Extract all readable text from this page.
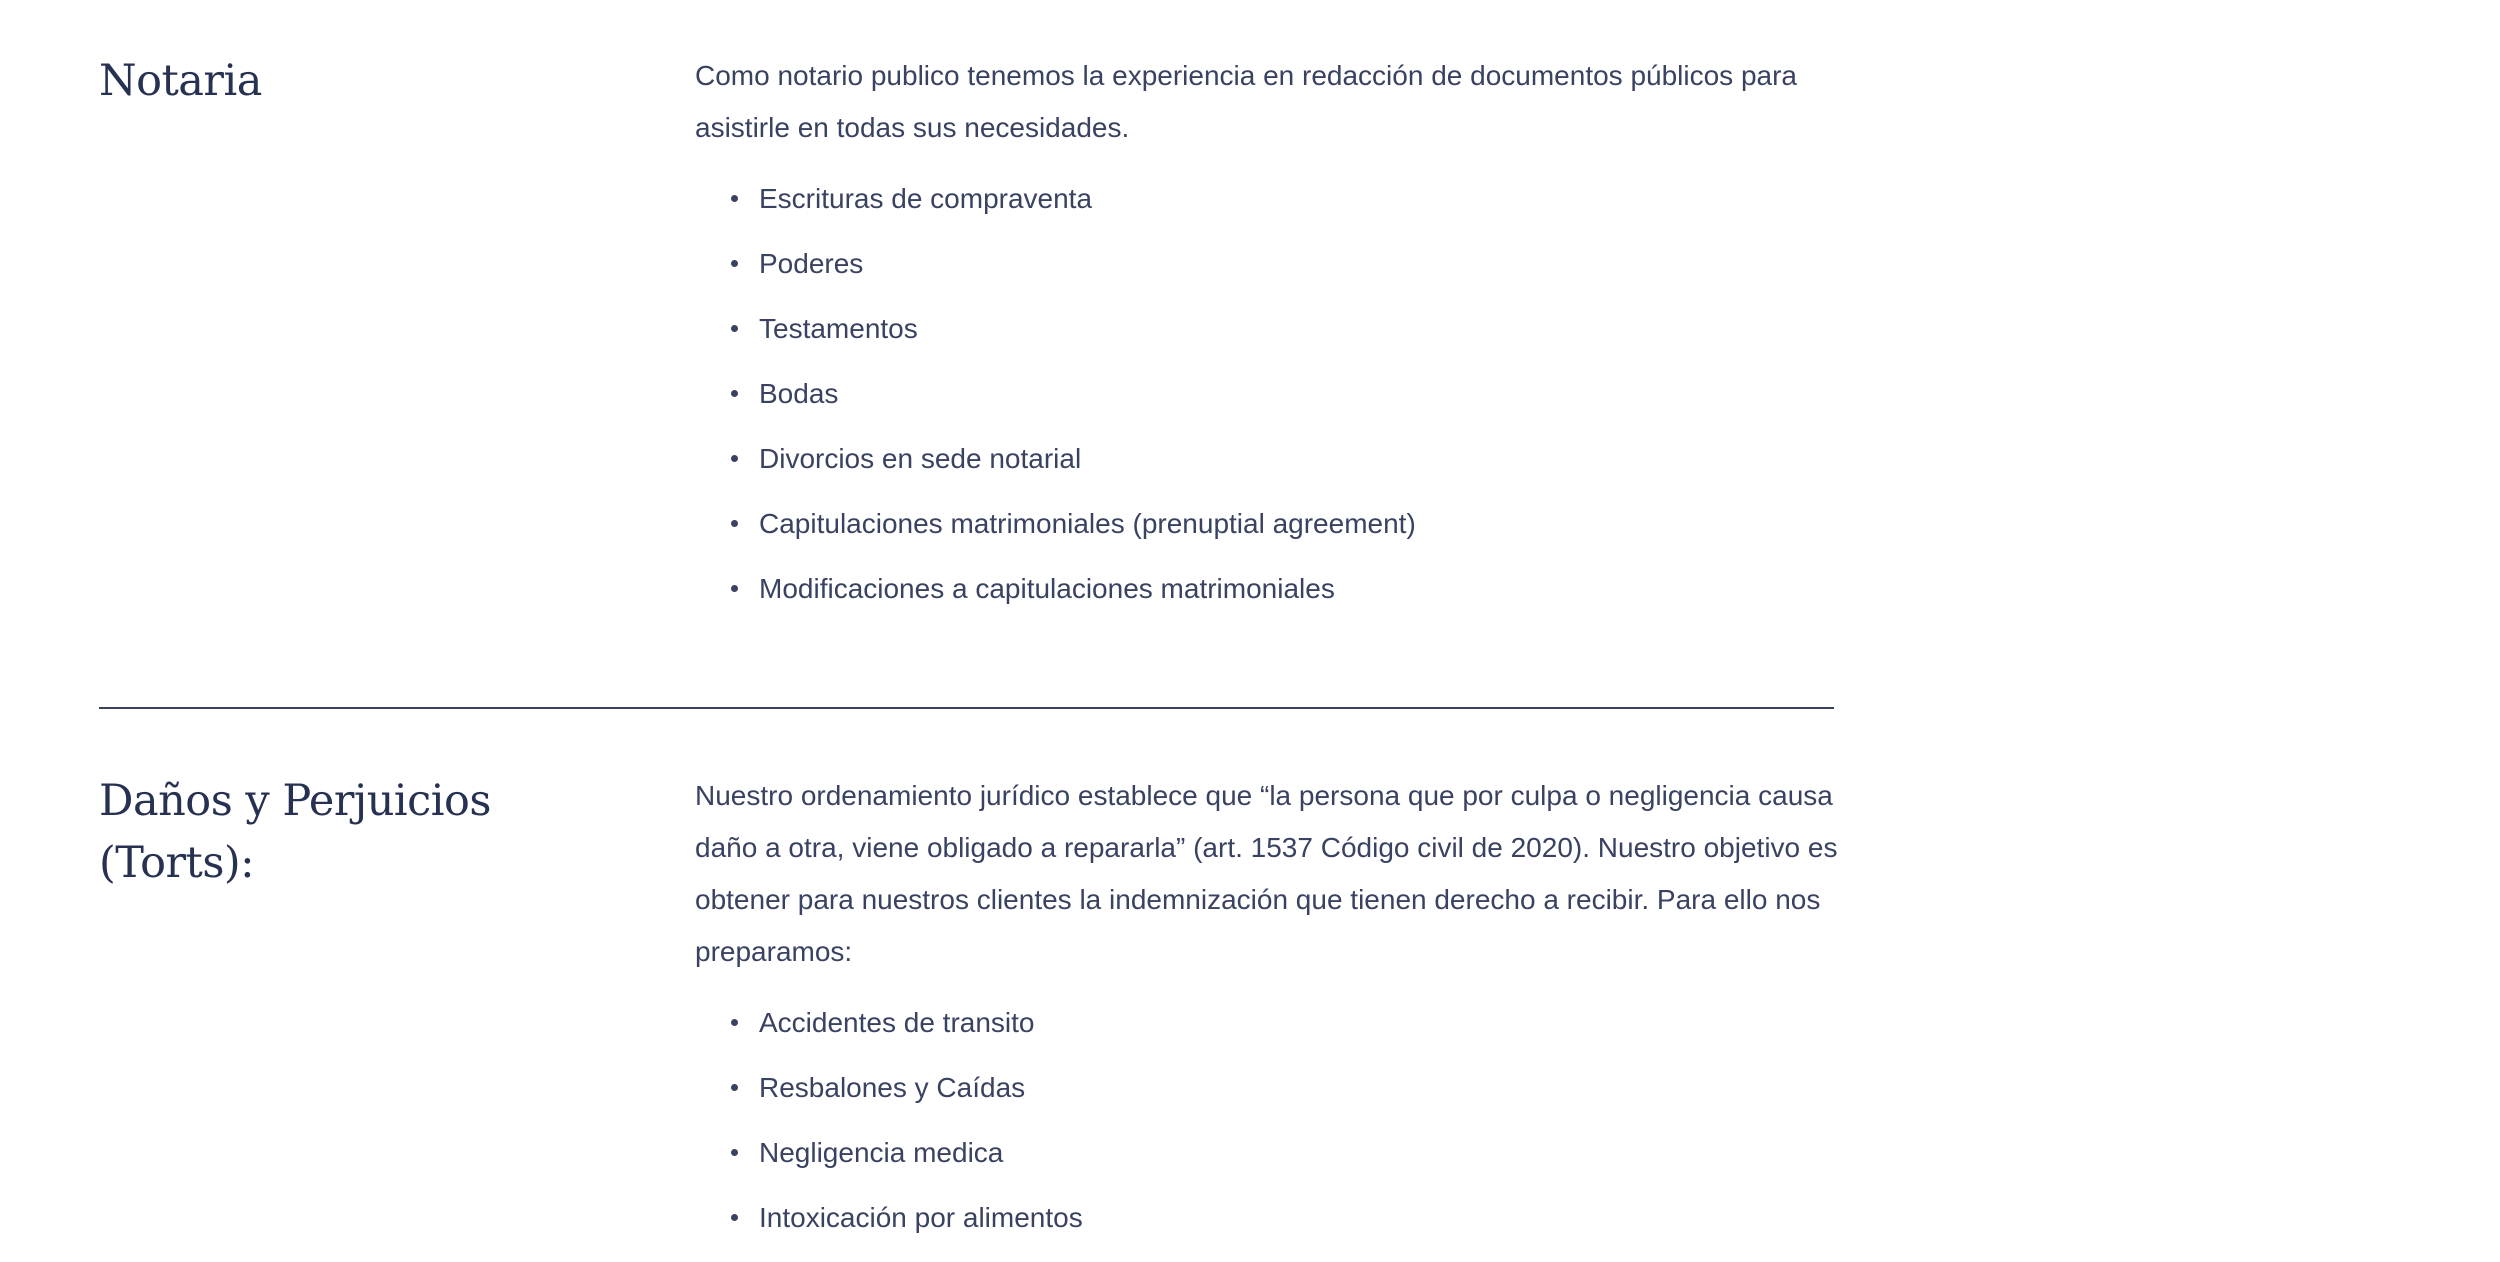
Notaria	Como notario publico tenemos la experiencia en redacción de documentos públicos para asistirle en todas sus necesidades.

Escrituras de compraventa
Poderes
Testamentos
Bodas
Divorcios en sede notarial
Capitulaciones matrimoniales (prenuptial agreement)
Modificaciones a capitulaciones matrimoniales
Daños y Perjuicios (Torts):

Nuestro ordenamiento jurídico establece que “la persona que por culpa o negligencia causa daño a otra, viene obligado a repararla” (art. 1537 Código civil de 2020). Nuestro objetivo es obtener para nuestros clientes la indemnización que tienen derecho a recibir. Para ello nos preparamos:

Accidentes de transito
Resbalones y Caídas
Negligencia medica
Intoxicación por alimentos
